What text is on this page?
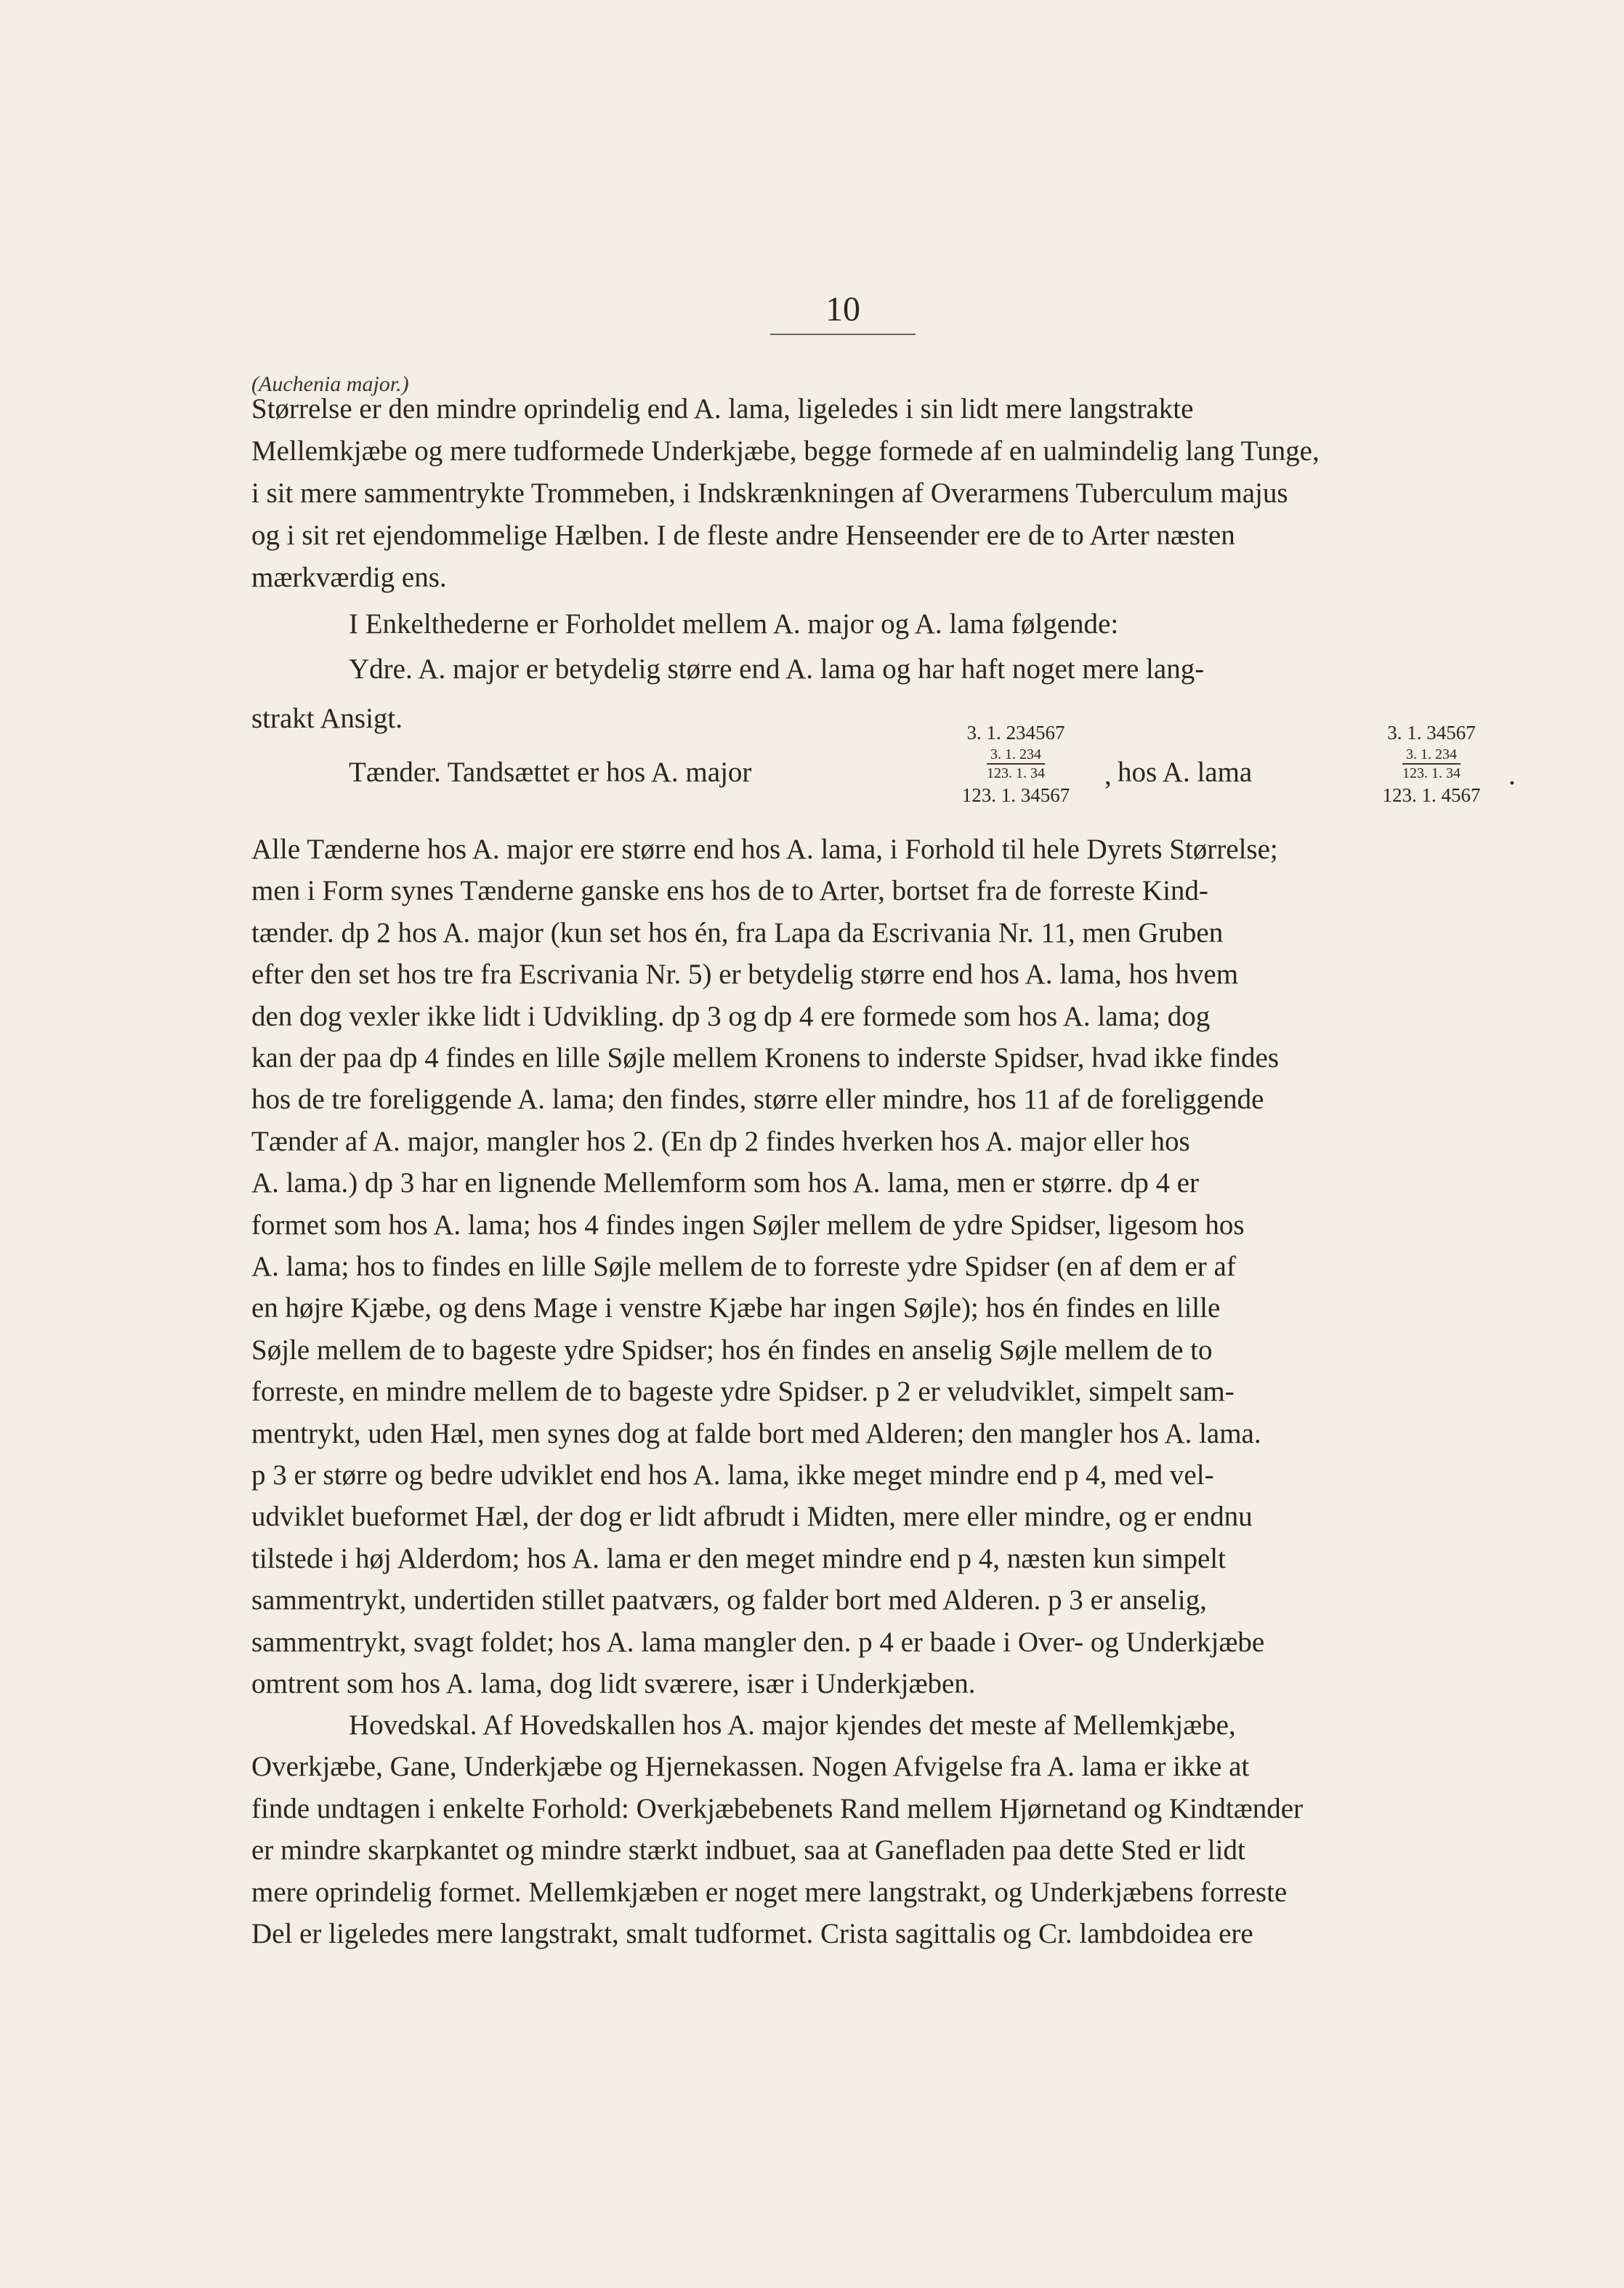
10
(Auchenia major.)
Størrelse er den mindre oprindelig end A. lama, ligeledes i sin lidt mere langstrakte
Mellemkjæbe og mere tudformede Underkjæbe, begge formede af en ualmindelig lang Tunge,
i sit mere sammentrykte Trommeben, i Indskrænkningen af Overarmens Tuberculum majus
og i sit ret ejendommelige Hælben. I de fleste andre Henseender ere de to Arter næsten
mærkværdig ens.
I Enkelthederne er Forholdet mellem A. major og A. lama følgende:
Ydre. A. major er betydelig større end A. lama og har haft noget mere lang-
strakt Ansigt.
Tænder. Tandsættet er hos A. major
3. 1. 234567
$\frac{3. 1. 234}{123. 1. 34}$
123. 1. 34567
, hos A. lama
3. 1. 34567
$\frac{3. 1. 234}{123. 1. 34}$
123. 1. 4567
.
Alle Tænderne hos A. major ere større end hos A. lama, i Forhold til hele Dyrets Størrelse;
men i Form synes Tænderne ganske ens hos de to Arter, bortset fra de forreste Kind-
tænder. dp 2 hos A. major (kun set hos én, fra Lapa da Escrivania Nr. 11, men Gruben
efter den set hos tre fra Escrivania Nr. 5) er betydelig større end hos A. lama, hos hvem
den dog vexler ikke lidt i Udvikling. dp 3 og dp 4 ere formede som hos A. lama; dog
kan der paa dp 4 findes en lille Søjle mellem Kronens to inderste Spidser, hvad ikke findes
hos de tre foreliggende A. lama; den findes, større eller mindre, hos 11 af de foreliggende
Tænder af A. major, mangler hos 2. (En dp 2 findes hverken hos A. major eller hos
A. lama.) dp 3 har en lignende Mellemform som hos A. lama, men er større. dp 4 er
formet som hos A. lama; hos 4 findes ingen Søjler mellem de ydre Spidser, ligesom hos
A. lama; hos to findes en lille Søjle mellem de to forreste ydre Spidser (en af dem er af
en højre Kjæbe, og dens Mage i venstre Kjæbe har ingen Søjle); hos én findes en lille
Søjle mellem de to bageste ydre Spidser; hos én findes en anselig Søjle mellem de to
forreste, en mindre mellem de to bageste ydre Spidser. p 2 er veludviklet, simpelt sam-
mentrykt, uden Hæl, men synes dog at falde bort med Alderen; den mangler hos A. lama.
p 3 er større og bedre udviklet end hos A. lama, ikke meget mindre end p 4, med vel-
udviklet bueformet Hæl, der dog er lidt afbrudt i Midten, mere eller mindre, og er endnu
tilstede i høj Alderdom; hos A. lama er den meget mindre end p 4, næsten kun simpelt
sammentrykt, undertiden stillet paatværs, og falder bort med Alderen. p 3 er anselig,
sammentrykt, svagt foldet; hos A. lama mangler den. p 4 er baade i Over- og Underkjæbe
omtrent som hos A. lama, dog lidt sværere, især i Underkjæben.
Hovedskal. Af Hovedskallen hos A. major kjendes det meste af Mellemkjæbe,
Overkjæbe, Gane, Underkjæbe og Hjernekassen. Nogen Afvigelse fra A. lama er ikke at
finde undtagen i enkelte Forhold: Overkjæbebenets Rand mellem Hjørnetand og Kindtænder
er mindre skarpkantet og mindre stærkt indbuet, saa at Ganefladen paa dette Sted er lidt
mere oprindelig formet. Mellemkjæben er noget mere langstrakt, og Underkjæbens forreste
Del er ligeledes mere langstrakt, smalt tudformet. Crista sagittalis og Cr. lambdoidea ere
